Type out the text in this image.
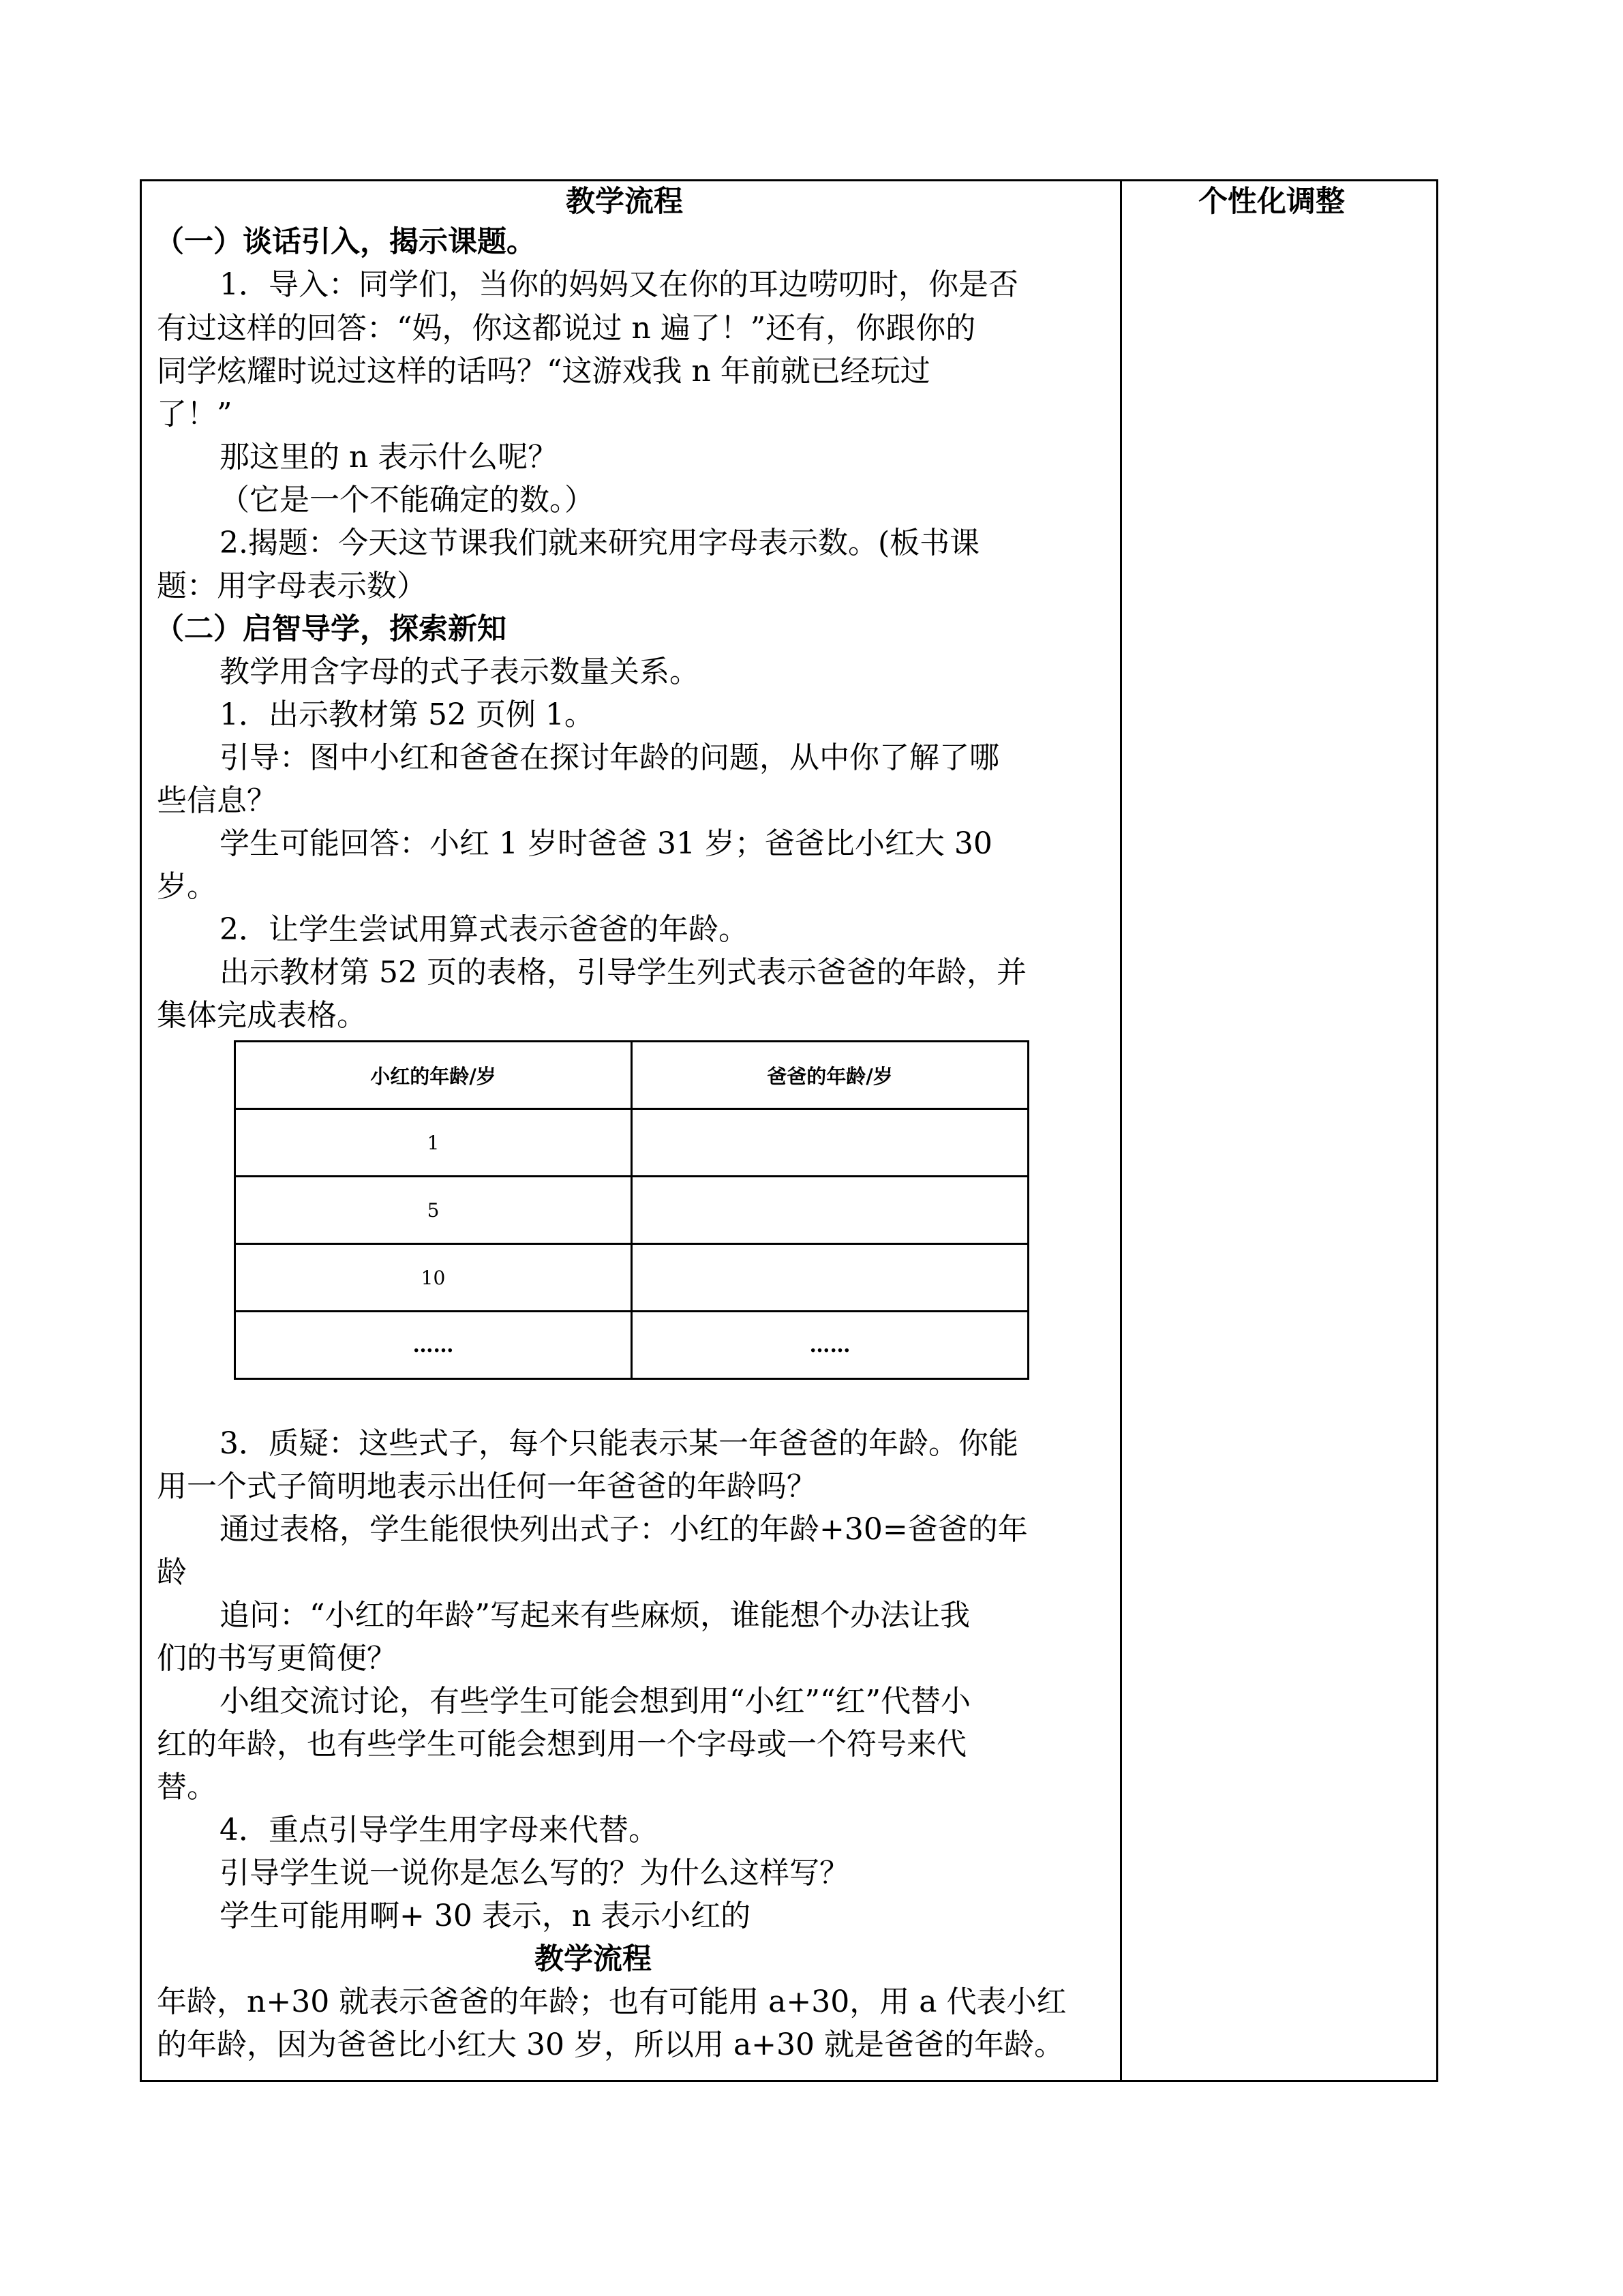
教学流程	个性化调整
（一）谈话引入，揭示课题。
1．导入：同学们，当你的妈妈又在你的耳边唠叨时，你是否
有过这样的回答：“妈，你这都说过 n 遍了！”还有，你跟你的
同学炫耀时说过这样的话吗？“这游戏我 n 年前就已经玩过
了！”
那这里的 n 表示什么呢？
（它是一个不能确定的数。）
2.揭题：今天这节课我们就来研究用字母表示数。(板书课
题：用字母表示数）
（二）启智导学，探索新知
教学用含字母的式子表示数量关系。
1．出示教材第 52 页例 1。
引导：图中小红和爸爸在探讨年龄的问题，从中你了解了哪
些信息？
学生可能回答：小红 1 岁时爸爸 31 岁；爸爸比小红大 30
岁。
2．让学生尝试用算式表示爸爸的年龄。
出示教材第 52 页的表格，引导学生列式表示爸爸的年龄，并
集体完成表格。
小红的年龄/岁	爸爸的年龄/岁
1	
5	
10	
……	……
3．质疑：这些式子，每个只能表示某一年爸爸的年龄。你能
用一个式子简明地表示出任何一年爸爸的年龄吗？
通过表格，学生能很快列出式子：小红的年龄+30=爸爸的年
龄
追问：“小红的年龄”写起来有些麻烦，谁能想个办法让我
们的书写更简便？
小组交流讨论，有些学生可能会想到用“小红”“红”代替小
红的年龄，也有些学生可能会想到用一个字母或一个符号来代
替。
4．重点引导学生用字母来代替。
引导学生说一说你是怎么写的？为什么这样写？
学生可能用啊+ 30 表示，n 表示小红的
教学流程
年龄，n+30 就表示爸爸的年龄；也有可能用 a+30，用 a 代表小红
的年龄，因为爸爸比小红大 30 岁，所以用 a+30 就是爸爸的年龄。
